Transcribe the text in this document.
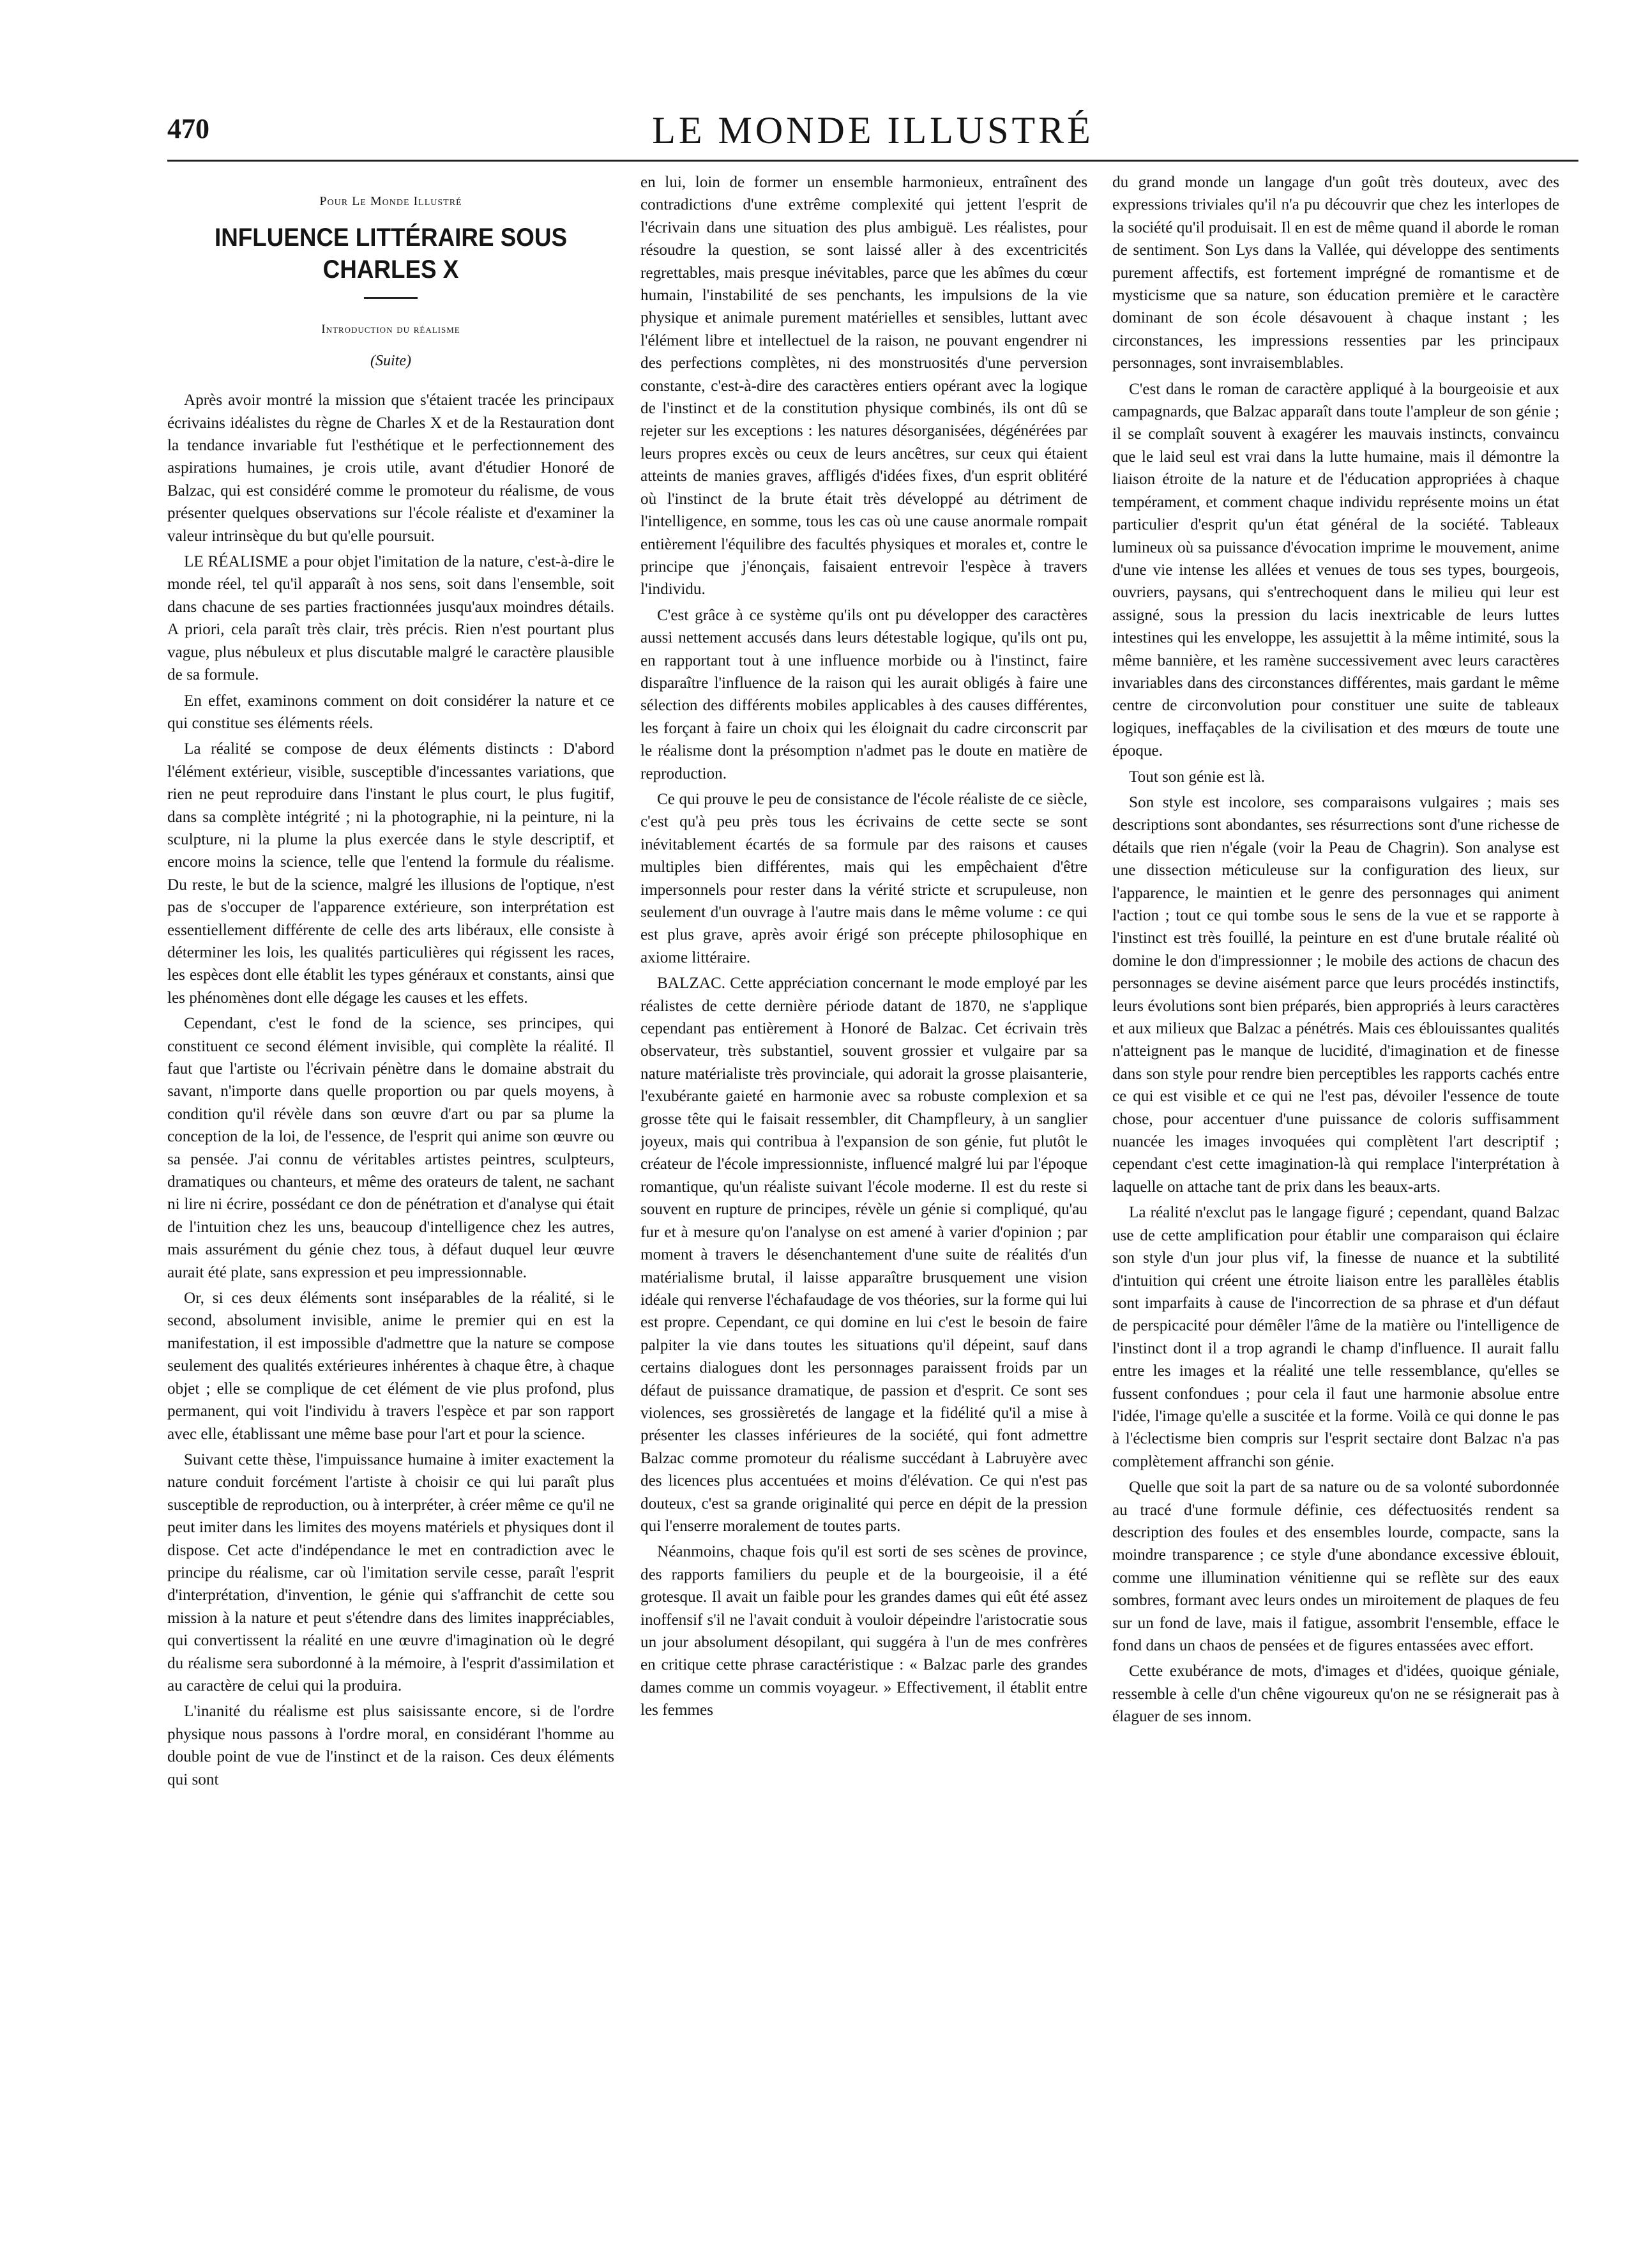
470	LE MONDE ILLUSTRÉ
Pour Le Monde Illustré
INFLUENCE LITTÉRAIRE SOUS CHARLES X
Introduction du réalisme
(Suite)

Après avoir montré la mission que s'étaient tracée les principaux écrivains idéalistes du règne de Charles X et de la Restauration dont la tendance invariable fut l'esthétique et le perfectionnement des aspirations humaines, je crois utile, avant d'étudier Honoré de Balzac, qui est considéré comme le promoteur du réalisme, de vous présenter quelques observations sur l'école réaliste et d'examiner la valeur intrinsèque du but qu'elle poursuit.

LE RÉALISME a pour objet l'imitation de la nature, c'est-à-dire le monde réel, tel qu'il apparaît à nos sens, soit dans l'ensemble, soit dans chacune de ses parties fractionnées jusqu'aux moindres détails. A priori, cela paraît très clair, très précis. Rien n'est pourtant plus vague, plus nébuleux et plus discutable malgré le caractère plausible de sa formule.

En effet, examinons comment on doit considérer la nature et ce qui constitue ses éléments réels.

La réalité se compose de deux éléments distincts : D'abord l'élément extérieur, visible, susceptible d'incessantes variations, que rien ne peut reproduire dans l'instant le plus court, le plus fugitif, dans sa complète intégrité ; ni la photographie, ni la peinture, ni la sculpture, ni la plume la plus exercée dans le style descriptif, et encore moins la science, telle que l'entend la formule du réalisme. Du reste, le but de la science, malgré les illusions de l'optique, n'est pas de s'occuper de l'apparence extérieure, son interprétation est essentiellement différente de celle des arts libéraux, elle consiste à déterminer les lois, les qualités particulières qui régissent les races, les espèces dont elle établit les types généraux et constants, ainsi que les phénomènes dont elle dégage les causes et les effets.

Cependant, c'est le fond de la science, ses principes, qui constituent ce second élément invisible, qui complète la réalité. Il faut que l'artiste ou l'écrivain pénètre dans le domaine abstrait du savant, n'importe dans quelle proportion ou par quels moyens, à condition qu'il révèle dans son œuvre d'art ou par sa plume la conception de la loi, de l'essence, de l'esprit qui anime son œuvre ou sa pensée. J'ai connu de véritables artistes peintres, sculpteurs, dramatiques ou chanteurs, et même des orateurs de talent, ne sachant ni lire ni écrire, possédant ce don de pénétration et d'analyse qui était de l'intuition chez les uns, beaucoup d'intelligence chez les autres, mais assurément du génie chez tous, à défaut duquel leur œuvre aurait été plate, sans expression et peu impressionnable.

Or, si ces deux éléments sont inséparables de la réalité, si le second, absolument invisible, anime le premier qui en est la manifestation, il est impossible d'admettre que la nature se compose seulement des qualités extérieures inhérentes à chaque être, à chaque objet ; elle se complique de cet élément de vie plus profond, plus permanent, qui voit l'individu à travers l'espèce et par son rapport avec elle, établissant une même base pour l'art et pour la science.

Suivant cette thèse, l'impuissance humaine à imiter exactement la nature conduit forcément l'artiste à choisir ce qui lui paraît plus susceptible de reproduction, ou à interpréter, à créer même ce qu'il ne peut imiter dans les limites des moyens matériels et physiques dont il dispose. Cet acte d'indépendance le met en contradiction avec le principe du réalisme, car où l'imitation servile cesse, paraît l'esprit d'interprétation, d'invention, le génie qui s'affranchit de cette sou mission à la nature et peut s'étendre dans des limites inappréciables, qui convertissent la réalité en une œuvre d'imagination où le degré du réalisme sera subordonné à la mémoire, à l'esprit d'assimilation et au caractère de celui qui la produira.

L'inanité du réalisme est plus saisissante encore, si de l'ordre physique nous passons à l'ordre moral, en considérant l'homme au double point de vue de l'instinct et de la raison. Ces deux éléments qui sont

en lui, loin de former un ensemble harmonieux, entraînent des contradictions d'une extrême complexité qui jettent l'esprit de l'écrivain dans une situation des plus ambiguë. Les réalistes, pour résoudre la question, se sont laissé aller à des excentricités regrettables, mais presque inévitables, parce que les abîmes du cœur humain, l'instabilité de ses penchants, les impulsions de la vie physique et animale purement matérielles et sensibles, luttant avec l'élément libre et intellectuel de la raison, ne pouvant engendrer ni des perfections complètes, ni des monstruosités d'une perversion constante, c'est-à-dire des caractères entiers opérant avec la logique de l'instinct et de la constitution physique combinés, ils ont dû se rejeter sur les exceptions : les natures désorganisées, dégénérées par leurs propres excès ou ceux de leurs ancêtres, sur ceux qui étaient atteints de manies graves, affligés d'idées fixes, d'un esprit oblitéré où l'instinct de la brute était très développé au détriment de l'intelligence, en somme, tous les cas où une cause anormale rompait entièrement l'équilibre des facultés physiques et morales et, contre le principe que j'énonçais, faisaient entrevoir l'espèce à travers l'individu.

C'est grâce à ce système qu'ils ont pu développer des caractères aussi nettement accusés dans leurs détestable logique, qu'ils ont pu, en rapportant tout à une influence morbide ou à l'instinct, faire disparaître l'influence de la raison qui les aurait obligés à faire une sélection des différents mobiles applicables à des causes différentes, les forçant à faire un choix qui les éloignait du cadre circonscrit par le réalisme dont la présomption n'admet pas le doute en matière de reproduction.

Ce qui prouve le peu de consistance de l'école réaliste de ce siècle, c'est qu'à peu près tous les écrivains de cette secte se sont inévitablement écartés de sa formule par des raisons et causes multiples bien différentes, mais qui les empêchaient d'être impersonnels pour rester dans la vérité stricte et scrupuleuse, non seulement d'un ouvrage à l'autre mais dans le même volume : ce qui est plus grave, après avoir érigé son précepte philosophique en axiome littéraire.

BALZAC. Cette appréciation concernant le mode employé par les réalistes de cette dernière période datant de 1870, ne s'applique cependant pas entièrement à Honoré de Balzac. Cet écrivain très observateur, très substantiel, souvent grossier et vulgaire par sa nature matérialiste très provinciale, qui adorait la grosse plaisanterie, l'exubérante gaieté en harmonie avec sa robuste complexion et sa grosse tête qui le faisait ressembler, dit Champfleury, à un sanglier joyeux, mais qui contribua à l'expansion de son génie, fut plutôt le créateur de l'école impressionniste, influencé malgré lui par l'époque romantique, qu'un réaliste suivant l'école moderne. Il est du reste si souvent en rupture de principes, révèle un génie si compliqué, qu'au fur et à mesure qu'on l'analyse on est amené à varier d'opinion ; par moment à travers le désenchantement d'une suite de réalités d'un matérialisme brutal, il laisse apparaître brusquement une vision idéale qui renverse l'échafaudage de vos théories, sur la forme qui lui est propre. Cependant, ce qui domine en lui c'est le besoin de faire palpiter la vie dans toutes les situations qu'il dépeint, sauf dans certains dialogues dont les personnages paraissent froids par un défaut de puissance dramatique, de passion et d'esprit. Ce sont ses violences, ses grossièretés de langage et la fidélité qu'il a mise à présenter les classes inférieures de la société, qui font admettre Balzac comme promoteur du réalisme succédant à Labruyère avec des licences plus accentuées et moins d'élévation. Ce qui n'est pas douteux, c'est sa grande originalité qui perce en dépit de la pression qui l'enserre moralement de toutes parts.

Néanmoins, chaque fois qu'il est sorti de ses scènes de province, des rapports familiers du peuple et de la bourgeoisie, il a été grotesque. Il avait un faible pour les grandes dames qui eût été assez inoffensif s'il ne l'avait conduit à vouloir dépeindre l'aristocratie sous un jour absolument désopilant, qui suggéra à l'un de mes confrères en critique cette phrase caractéristique : « Balzac parle des grandes dames comme un commis voyageur. » Effectivement, il établit entre les femmes

du grand monde un langage d'un goût très douteux, avec des expressions triviales qu'il n'a pu découvrir que chez les interlopes de la société qu'il produisait. Il en est de même quand il aborde le roman de sentiment. Son Lys dans la Vallée, qui développe des sentiments purement affectifs, est fortement imprégné de romantisme et de mysticisme que sa nature, son éducation première et le caractère dominant de son école désavouent à chaque instant ; les circonstances, les impressions ressenties par les principaux personnages, sont invraisemblables.

C'est dans le roman de caractère appliqué à la bourgeoisie et aux campagnards, que Balzac apparaît dans toute l'ampleur de son génie ; il se complaît souvent à exagérer les mauvais instincts, convaincu que le laid seul est vrai dans la lutte humaine, mais il démontre la liaison étroite de la nature et de l'éducation appropriées à chaque tempérament, et comment chaque individu représente moins un état particulier d'esprit qu'un état général de la société. Tableaux lumineux où sa puissance d'évocation imprime le mouvement, anime d'une vie intense les allées et venues de tous ses types, bourgeois, ouvriers, paysans, qui s'entrechoquent dans le milieu qui leur est assigné, sous la pression du lacis inextricable de leurs luttes intestines qui les enveloppe, les assujettit à la même intimité, sous la même bannière, et les ramène successivement avec leurs caractères invariables dans des circonstances différentes, mais gardant le même centre de circonvolution pour constituer une suite de tableaux logiques, ineffaçables de la civilisation et des mœurs de toute une époque.

Tout son génie est là.

Son style est incolore, ses comparaisons vulgaires ; mais ses descriptions sont abondantes, ses résurrections sont d'une richesse de détails que rien n'égale (voir la Peau de Chagrin). Son analyse est une dissection méticuleuse sur la configuration des lieux, sur l'apparence, le maintien et le genre des personnages qui animent l'action ; tout ce qui tombe sous le sens de la vue et se rapporte à l'instinct est très fouillé, la peinture en est d'une brutale réalité où domine le don d'impressionner ; le mobile des actions de chacun des personnages se devine aisément parce que leurs procédés instinctifs, leurs évolutions sont bien préparés, bien appropriés à leurs caractères et aux milieux que Balzac a pénétrés. Mais ces éblouissantes qualités n'atteignent pas le manque de lucidité, d'imagination et de finesse dans son style pour rendre bien perceptibles les rapports cachés entre ce qui est visible et ce qui ne l'est pas, dévoiler l'essence de toute chose, pour accentuer d'une puissance de coloris suffisamment nuancée les images invoquées qui complètent l'art descriptif ; cependant c'est cette imagination-là qui remplace l'interprétation à laquelle on attache tant de prix dans les beaux-arts.

La réalité n'exclut pas le langage figuré ; cependant, quand Balzac use de cette amplification pour établir une comparaison qui éclaire son style d'un jour plus vif, la finesse de nuance et la subtilité d'intuition qui créent une étroite liaison entre les parallèles établis sont imparfaits à cause de l'incorrection de sa phrase et d'un défaut de perspicacité pour démêler l'âme de la matière ou l'intelligence de l'instinct dont il a trop agrandi le champ d'influence. Il aurait fallu entre les images et la réalité une telle ressemblance, qu'elles se fussent confondues ; pour cela il faut une harmonie absolue entre l'idée, l'image qu'elle a suscitée et la forme. Voilà ce qui donne le pas à l'éclectisme bien compris sur l'esprit sectaire dont Balzac n'a pas complètement affranchi son génie.

Quelle que soit la part de sa nature ou de sa volonté subordonnée au tracé d'une formule définie, ces défectuosités rendent sa description des foules et des ensembles lourde, compacte, sans la moindre transparence ; ce style d'une abondance excessive éblouit, comme une illumination vénitienne qui se reflète sur des eaux sombres, formant avec leurs ondes un miroitement de plaques de feu sur un fond de lave, mais il fatigue, assombrit l'ensemble, efface le fond dans un chaos de pensées et de figures entassées avec effort.

Cette exubérance de mots, d'images et d'idées, quoique géniale, ressemble à celle d'un chêne vigoureux qu'on ne se résignerait pas à élaguer de ses innom.
